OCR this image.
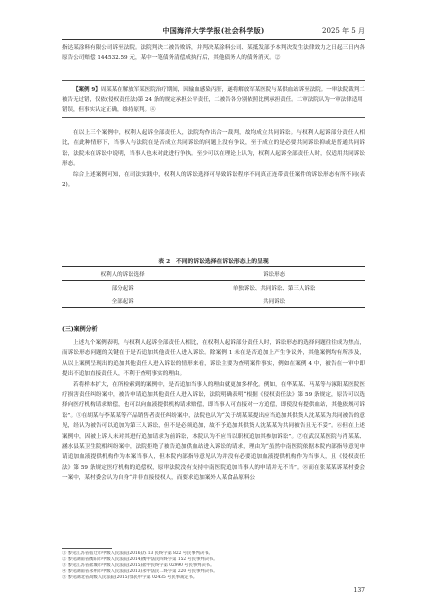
中国海洋大学学报(社会科学版)	2025 年 5 月

指达某涂料有限公司诉至法院。法院判决二被告败诉，并判决某涂料公司、某抵发部予本判决发生法律效力之日起三日内各原告公司赔偿 144532.59 元，某中一笔债务清偿成执行后，其他债务人的债务消灭。②

【案例 9】周某某在解放军某医院治疗期间，因输血感染丙肝，遂将解放军某医院与某供血站诉至法院。一审法院裁判二被告无过错，仅依(侵权责任法)第 24 条的规定承担公平责任，二被告各分别依照比例承担责任。二审法院认为一审法律适用错误，但事实认定正确，维持原判。④

在以上三个案例中，权利人起诉全部责任人，法院均作出合一裁判，故均成立共同诉讼。与权利人起诉部分责任人相比，在此种情形下，当事人与法院在是否成立共同诉讼的问题上没有争议，至于成立的是必要共同诉讼抑或是普通共同诉讼，法院未在诉讼中说明，当事人也未对此进行争执。至少可以在理论上认为，权利人起诉全部责任人时，仅适用共同诉讼形态。

综合上述案例可知，在司法实践中，权利人的诉讼选择可导致诉讼程序不同真正连带责任案件的诉讼形态有所不同(表 2)。

表 2　不同的诉讼选择在诉讼形态上的呈现
权利人的诉讼选择	诉讼形态
部分起诉	单独诉讼、共同诉讼、第三人诉讼
全部起诉	共同诉讼
(三)案例分析

上述九个案例表明，与权利人起诉全部责任人相比，在权利人起诉部分责任人时，诉讼形态的选择问题往往成为焦点，而诉讼形态问题的关键在于是否追加其他责任人进入诉讼。除案例 1 未在是否追加上产生争议外，其他案例均有所涉及，从以上案例呈现出的追加其他责任人进入诉讼的情形来看，诉讼主要为查明案件事实，例如在案例 4 中，被告在一审中即提出不追加直接责任人，不利于查明事实的理由。

若将样本扩大，在所检索到的案例中，是否追加当事人的理由就更加多样化。例如，在华某某、马某等与涿阳某医院医疗损害责任纠纷案中，被告申请追加其他责任人进入诉讼，法院明确表明“根据《侵权责任法》第 59 条规定，原告可以选择向医疗机构请求赔偿，也可以向血液提供机构请求赔偿，即当事人可直接对一方追偿，即使没有提供血站，其他依规可诉讼”。⑤在胡某与李某某等产品销售者责任纠纷案中，法院也认为“关于胡某某提出应当追加其供货人沈某某为共同被告的意见，经认为被告可以追加为第三人诉讼，但不是必须追加，故不予追加其供货人沈某某为共同被告且无不妥”。⑥但在上述案例中，因被上诉人未对其进行追加请求为前诉讼，本院认为不应当以职权追加其参加诉讼”。⑦在武汉某医院与肖某某、涵水县某卫生院相纠纷案中，法院拒绝了被告追加供血站进入诉讼的请求，理由为“虽然中南医院依据本院内部指导意见申请追加血液提供机构作为本案当事人，但本院内部指导意见认为并没有必要追加血液提供机构作为当事人，且《侵权责任法》第 59 条规定医疗机构的追偿权，原审法院没有支持中南医院追加当事人的申请并无不当”。⑧而在张某某诉某村委会一案中，某村委会认为自身“并非直接侵权人，而要求追加案外人某食品原料公

① 参见江苏省宿迁市中级人民法院(2016)苏 13 民终字第 822 号民事判决书。
② 参见湖南省衡阳市中级人民法院(2014)衡中法民四终字第 152 号民事判决书。
③ 参见江苏省盐城市中级人民法院(2015)盐中民终字第 02990 号民事判决书。
④ 参见湖南省永州市中级人民法院(2013)永中法民二终字第 220 号民事判决书。
⑤ 参见湖北省高级人民法院(2015)鄂民申字第 02435 号民事裁定书。
137
